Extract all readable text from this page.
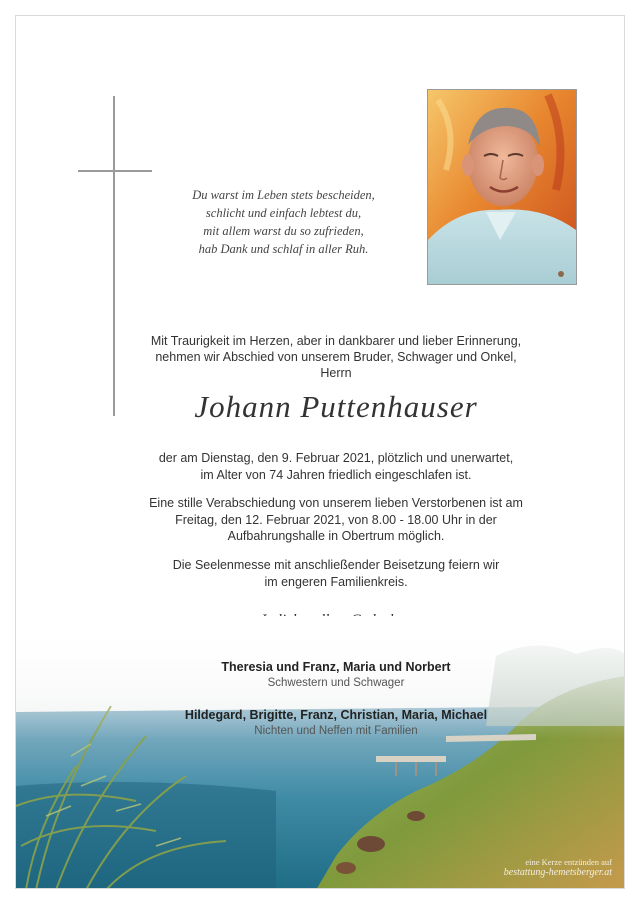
Du warst im Leben stets bescheiden,
schlicht und einfach lebtest du,
mit allem warst du so zufrieden,
hab Dank und schlaf in aller Ruh.
Mit Traurigkeit im Herzen, aber in dankbarer und lieber Erinnerung,
nehmen wir Abschied von unserem Bruder, Schwager und Onkel,
Herrn
Johann Puttenhauser
der am Dienstag, den 9. Februar 2021, plötzlich und unerwartet,
im Alter von 74 Jahren friedlich eingeschlafen ist.
Eine stille Verabschiedung von unserem lieben Verstorbenen ist am
Freitag, den 12. Februar 2021, von 8.00 - 18.00 Uhr in der
Aufbahrungshalle in Obertrum möglich.
Die Seelenmesse mit anschließender Beisetzung feiern wir
im engeren Familienkreis.
Theresia und Franz, Maria und Norbert
Schwestern und Schwager
Hildegard, Brigitte, Franz, Christian, Maria, Michael
Nichten und Neffen mit Familien
eine Kerze entzünden auf
bestattung-hemetsberger.at
